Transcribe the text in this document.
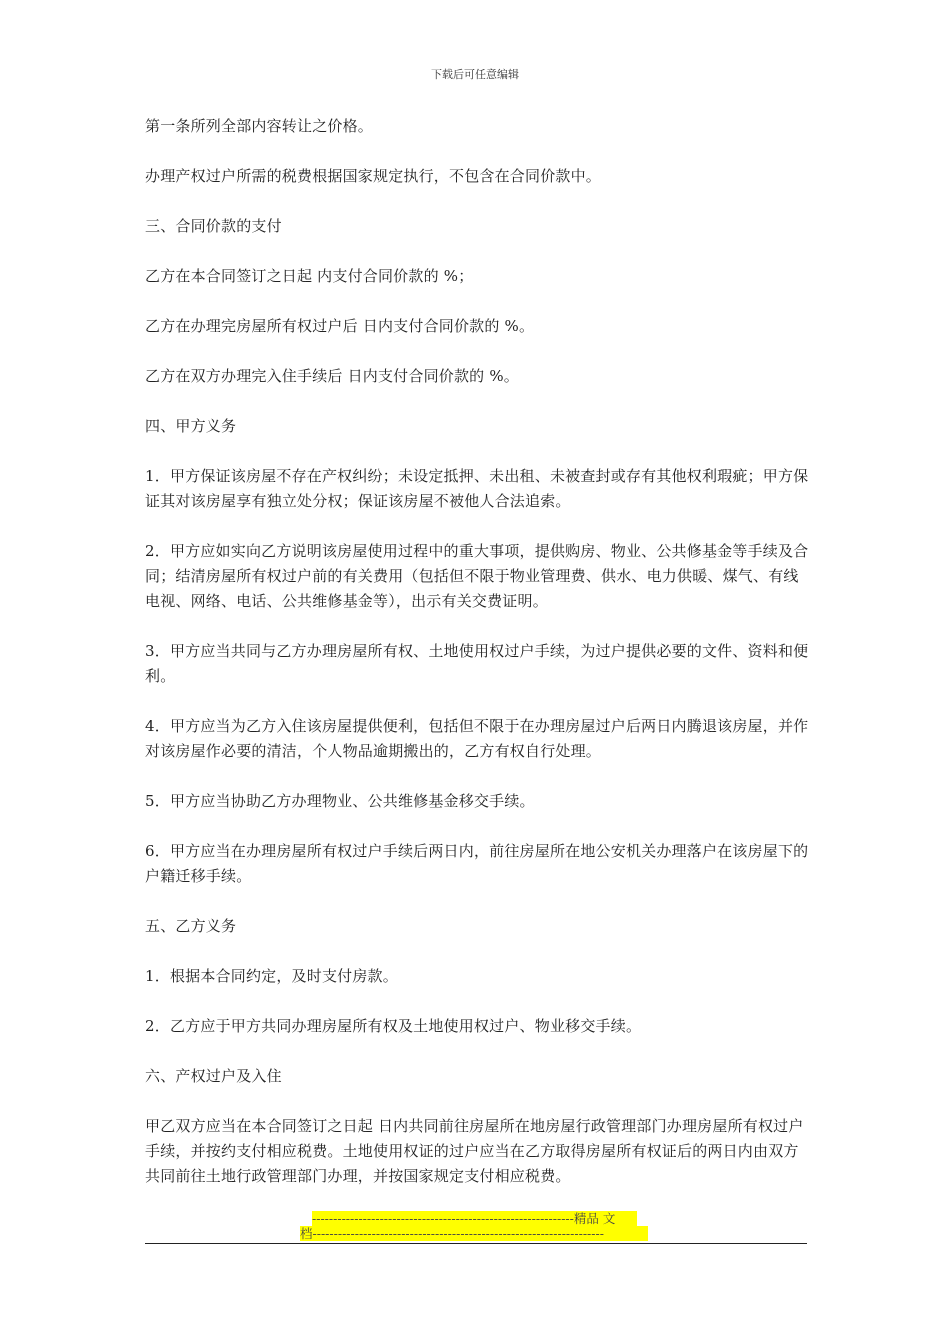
下载后可任意编辑

第一条所列全部内容转让之价格。

办理产权过户所需的税费根据国家规定执行，不包含在合同价款中。

三、合同价款的支付

乙方在本合同签订之日起 内支付合同价款的 %；

乙方在办理完房屋所有权过户后 日内支付合同价款的 %。

乙方在双方办理完入住手续后 日内支付合同价款的 %。

四、甲方义务

1．甲方保证该房屋不存在产权纠纷；未设定抵押、未出租、未被查封或存有其他权利瑕疵；甲方保证其对该房屋享有独立处分权；保证该房屋不被他人合法追索。

2．甲方应如实向乙方说明该房屋使用过程中的重大事项，提供购房、物业、公共修基金等手续及合同；结清房屋所有权过户前的有关费用（包括但不限于物业管理费、供水、电力供暖、煤气、有线电视、网络、电话、公共维修基金等），出示有关交费证明。

3．甲方应当共同与乙方办理房屋所有权、土地使用权过户手续，为过户提供必要的文件、资料和便利。

4．甲方应当为乙方入住该房屋提供便利，包括但不限于在办理房屋过户后两日内腾退该房屋，并作对该房屋作必要的清洁，个人物品逾期搬出的，乙方有权自行处理。

5．甲方应当协助乙方办理物业、公共维修基金移交手续。

6．甲方应当在办理房屋所有权过户手续后两日内，前往房屋所在地公安机关办理落户在该房屋下的户籍迁移手续。

五、乙方义务

1．根据本合同约定，及时支付房款。

2．乙方应于甲方共同办理房屋所有权及土地使用权过户、物业移交手续。

六、产权过户及入住

甲乙双方应当在本合同签订之日起 日内共同前往房屋所在地房屋行政管理部门办理房屋所有权过户手续，并按约支付相应税费。土地使用权证的过户应当在乙方取得房屋所有权证后的两日内由双方共同前往土地行政管理部门办理，并按国家规定支付相应税费。

--------------------------------------------------------------精品 文
档---------------------------------------------------------------------
